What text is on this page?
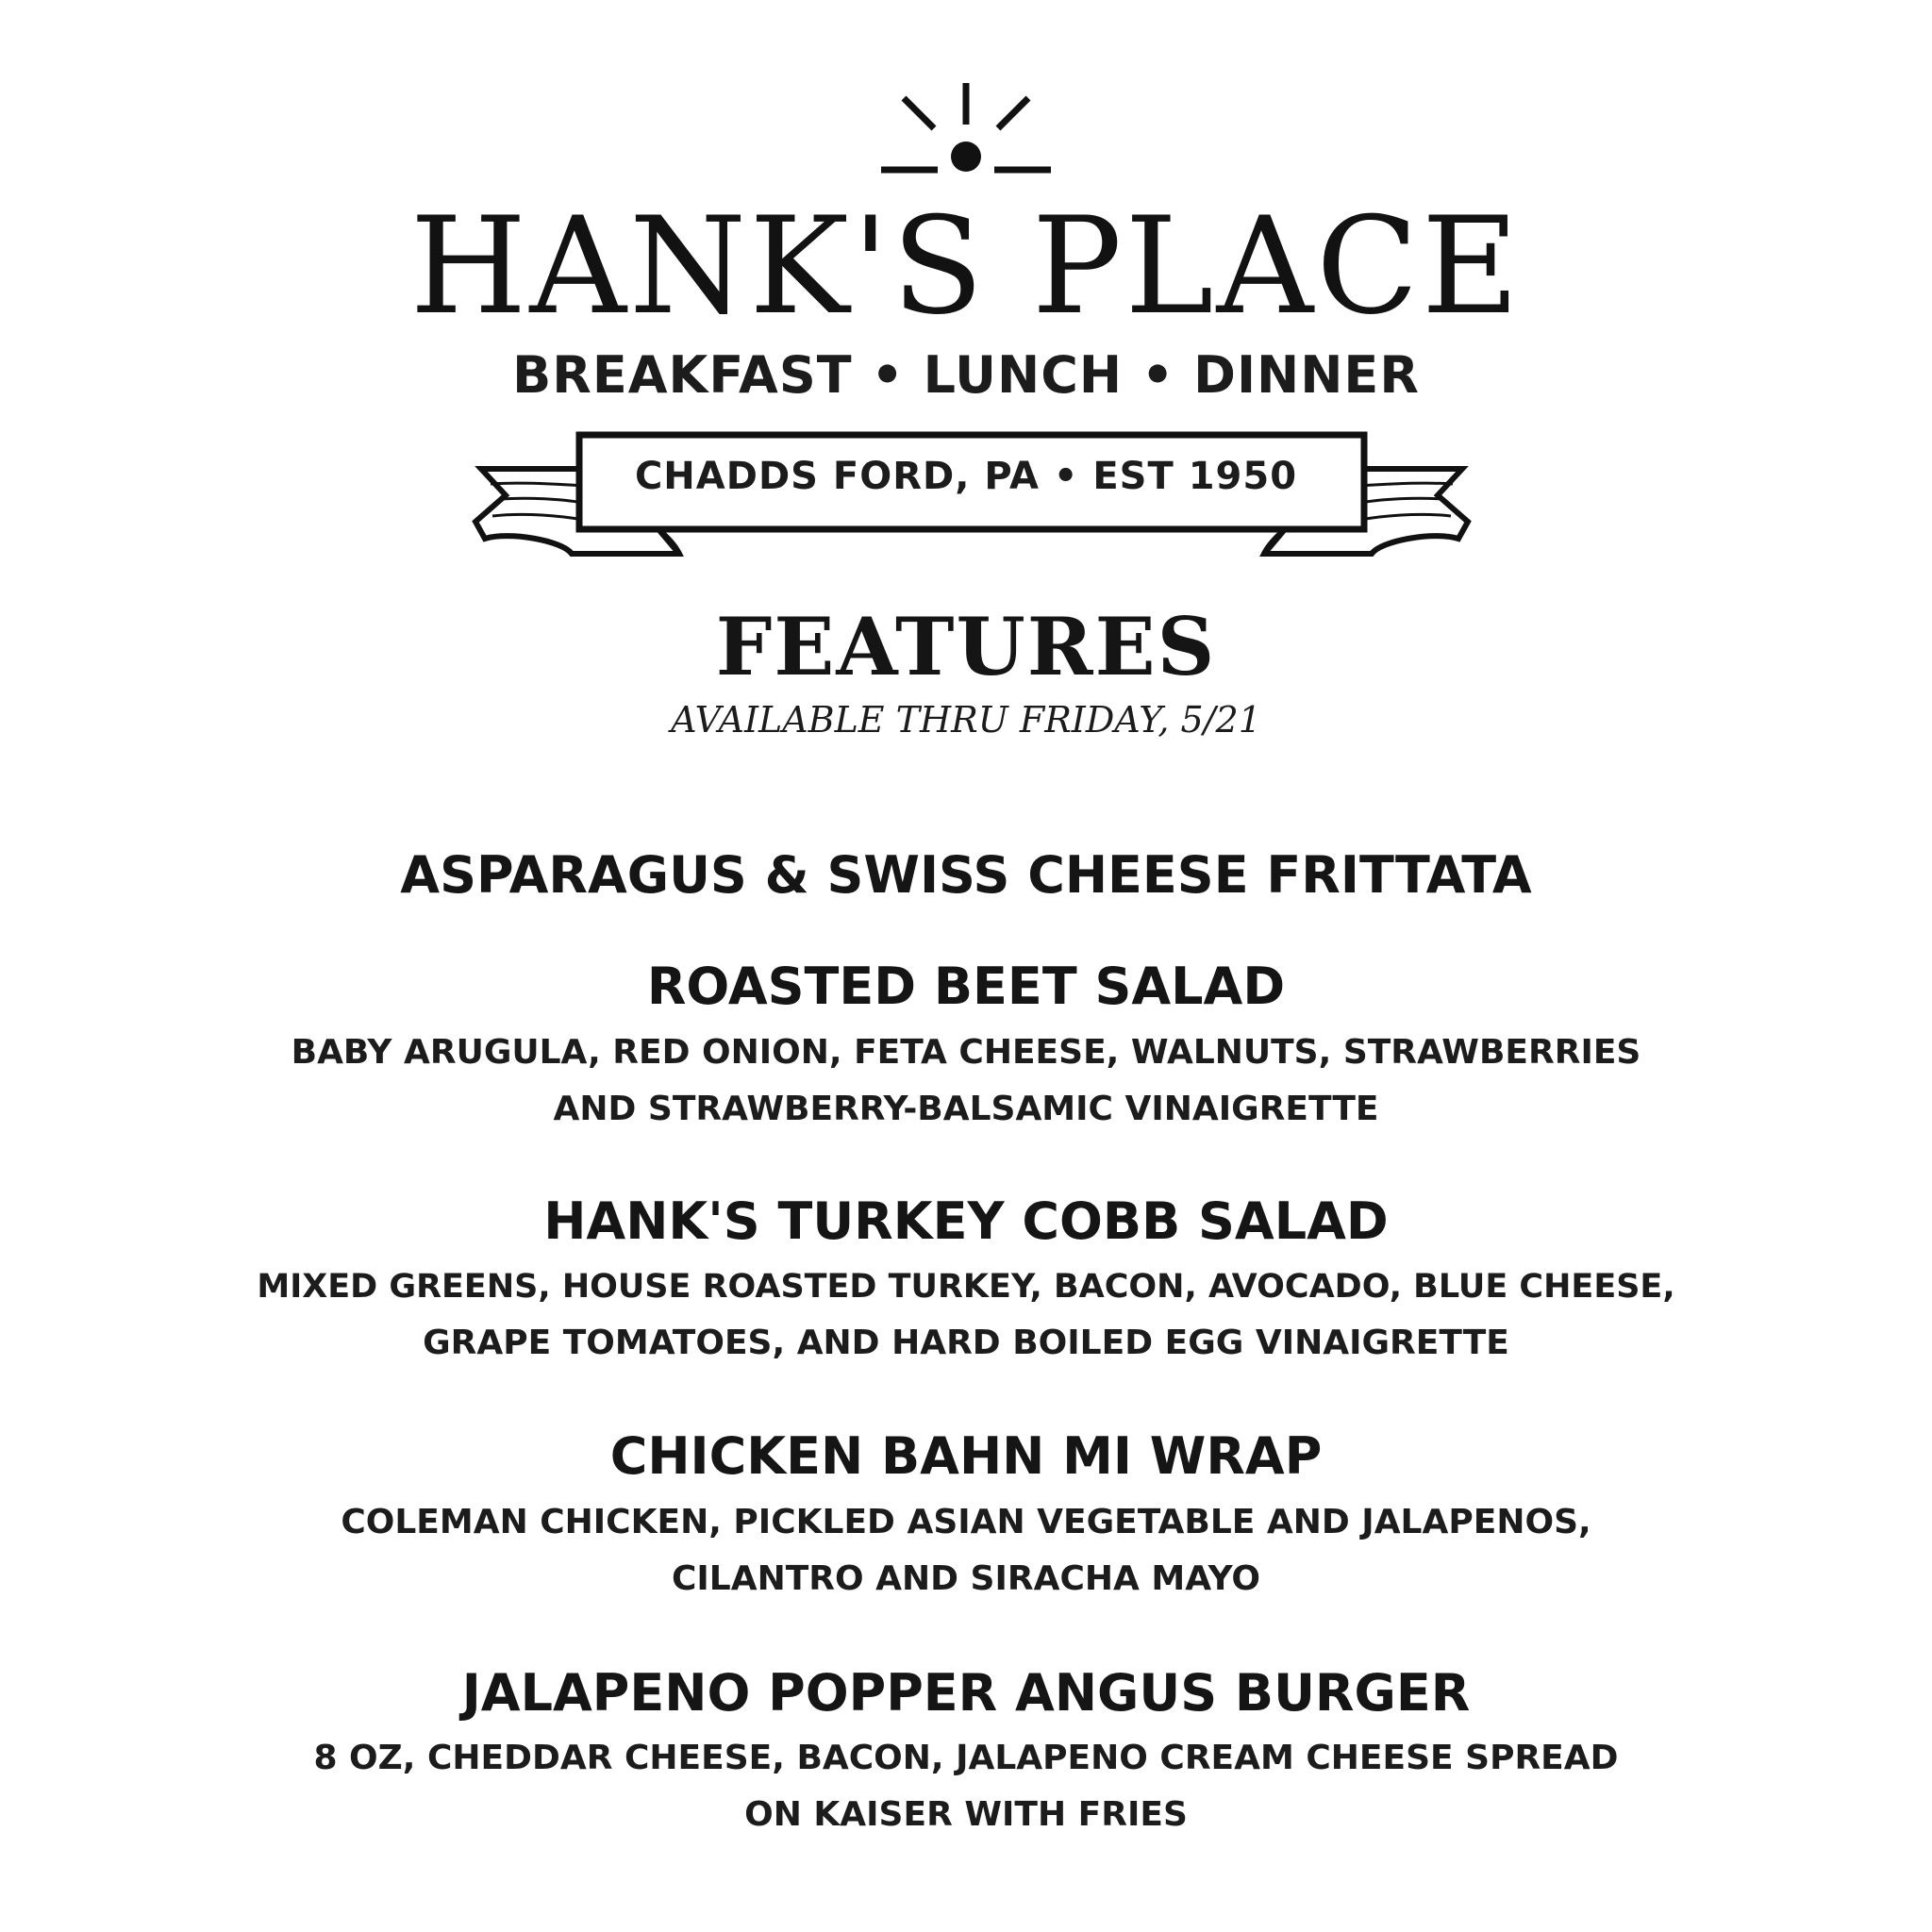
HANK'S PLACE
BREAKFAST • LUNCH • DINNER
CHADDS FORD, PA • EST 1950
FEATURES
AVAILABLE THRU FRIDAY, 5/21
ASPARAGUS & SWISS CHEESE FRITTATA
ROASTED BEET SALAD
BABY ARUGULA, RED ONION, FETA CHEESE, WALNUTS, STRAWBERRIES
AND STRAWBERRY-BALSAMIC VINAIGRETTE
HANK'S TURKEY COBB SALAD
MIXED GREENS, HOUSE ROASTED TURKEY, BACON, AVOCADO, BLUE CHEESE,
GRAPE TOMATOES, AND HARD BOILED EGG VINAIGRETTE
CHICKEN BAHN MI WRAP
COLEMAN CHICKEN, PICKLED ASIAN VEGETABLE AND JALAPENOS,
CILANTRO AND SIRACHA MAYO
JALAPENO POPPER ANGUS BURGER
8 OZ, CHEDDAR CHEESE, BACON, JALAPENO CREAM CHEESE SPREAD
ON KAISER WITH FRIES
